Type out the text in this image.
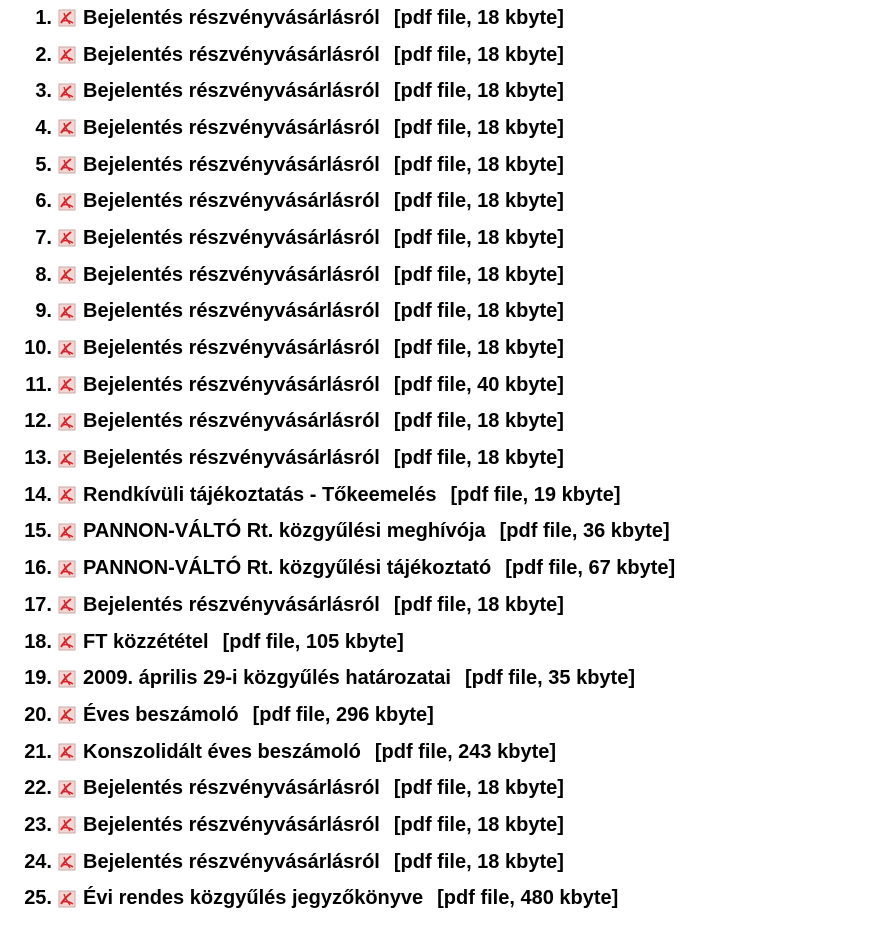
1.	Bejelentés részvényvásárlásról [pdf file, 18 kbyte]
2.	Bejelentés részvényvásárlásról [pdf file, 18 kbyte]
3.	Bejelentés részvényvásárlásról [pdf file, 18 kbyte]
4.	Bejelentés részvényvásárlásról [pdf file, 18 kbyte]
5.	Bejelentés részvényvásárlásról [pdf file, 18 kbyte]
6.	Bejelentés részvényvásárlásról [pdf file, 18 kbyte]
7.	Bejelentés részvényvásárlásról [pdf file, 18 kbyte]
8.	Bejelentés részvényvásárlásról [pdf file, 18 kbyte]
9.	Bejelentés részvényvásárlásról [pdf file, 18 kbyte]
10.	Bejelentés részvényvásárlásról [pdf file, 18 kbyte]
11.	Bejelentés részvényvásárlásról [pdf file, 40 kbyte]
12.	Bejelentés részvényvásárlásról [pdf file, 18 kbyte]
13.	Bejelentés részvényvásárlásról [pdf file, 18 kbyte]
14.	Rendkívüli tájékoztatás - Tőkeemelés [pdf file, 19 kbyte]
15.	PANNON-VÁLTÓ Rt. közgyűlési meghívója [pdf file, 36 kbyte]
16.	PANNON-VÁLTÓ Rt. közgyűlési tájékoztató [pdf file, 67 kbyte]
17.	Bejelentés részvényvásárlásról [pdf file, 18 kbyte]
18.	FT közzététel [pdf file, 105 kbyte]
19.	2009. április 29-i közgyűlés határozatai [pdf file, 35 kbyte]
20.	Éves beszámoló [pdf file, 296 kbyte]
21.	Konszolidált éves beszámoló [pdf file, 243 kbyte]
22.	Bejelentés részvényvásárlásról [pdf file, 18 kbyte]
23.	Bejelentés részvényvásárlásról [pdf file, 18 kbyte]
24.	Bejelentés részvényvásárlásról [pdf file, 18 kbyte]
25.	Évi rendes közgyűlés jegyzőkönyve [pdf file, 480 kbyte]
